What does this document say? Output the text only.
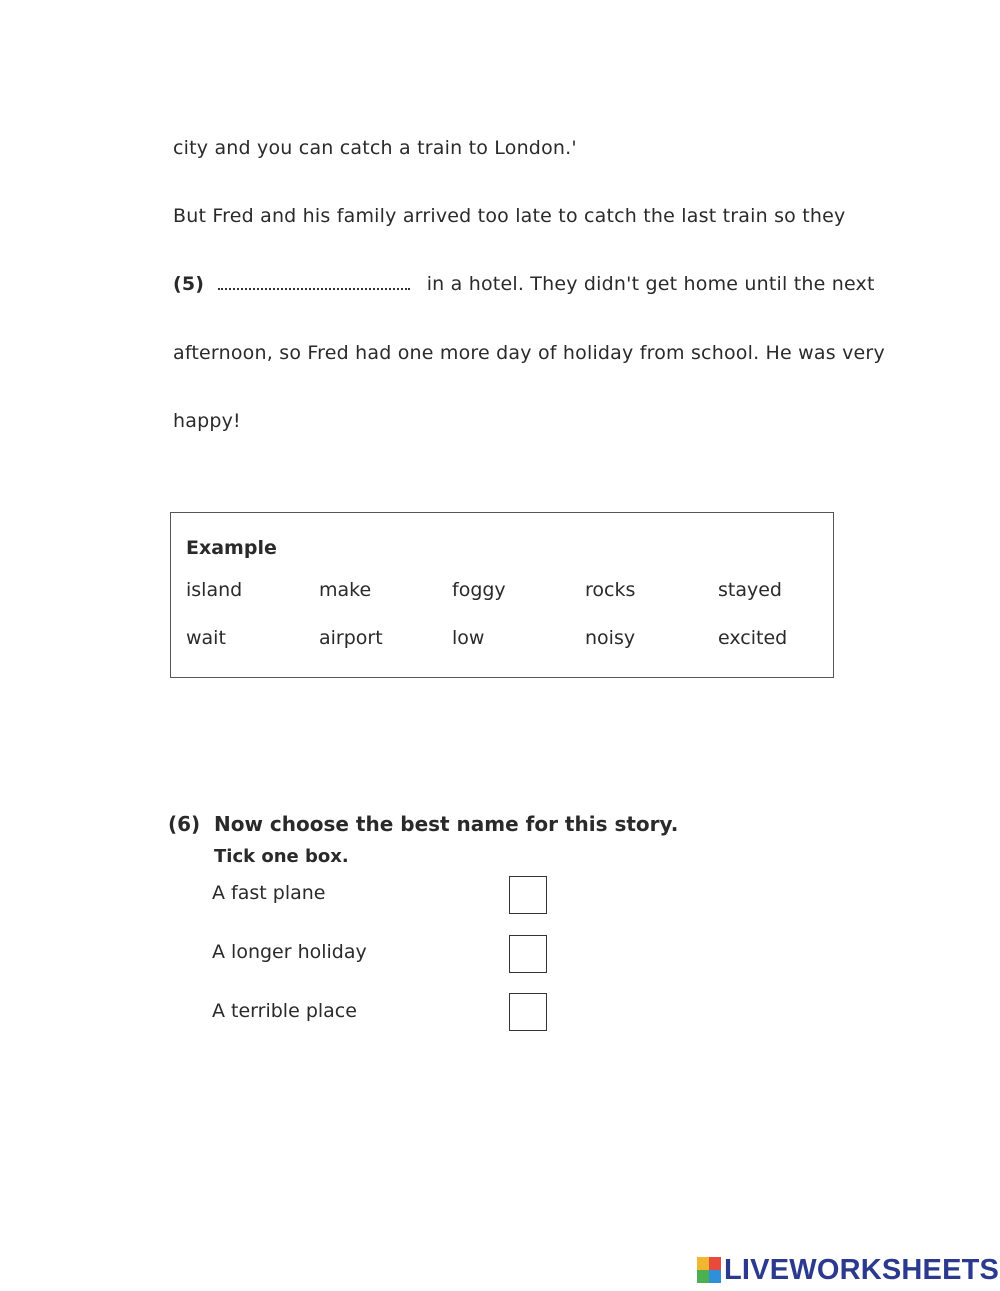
city and you can catch a train to London.'
But Fred and his family arrived too late to catch the last train so they
(5)	in a hotel. They didn't get home until the next
afternoon, so Fred had one more day of holiday from school. He was very
happy!
Example
island	make	foggy	rocks	stayed
wait	airport	low	noisy	excited
(6) Now choose the best name for this story.
Tick one box.
A fast plane
A longer holiday
A terrible place
LIVEWORKSHEETS
